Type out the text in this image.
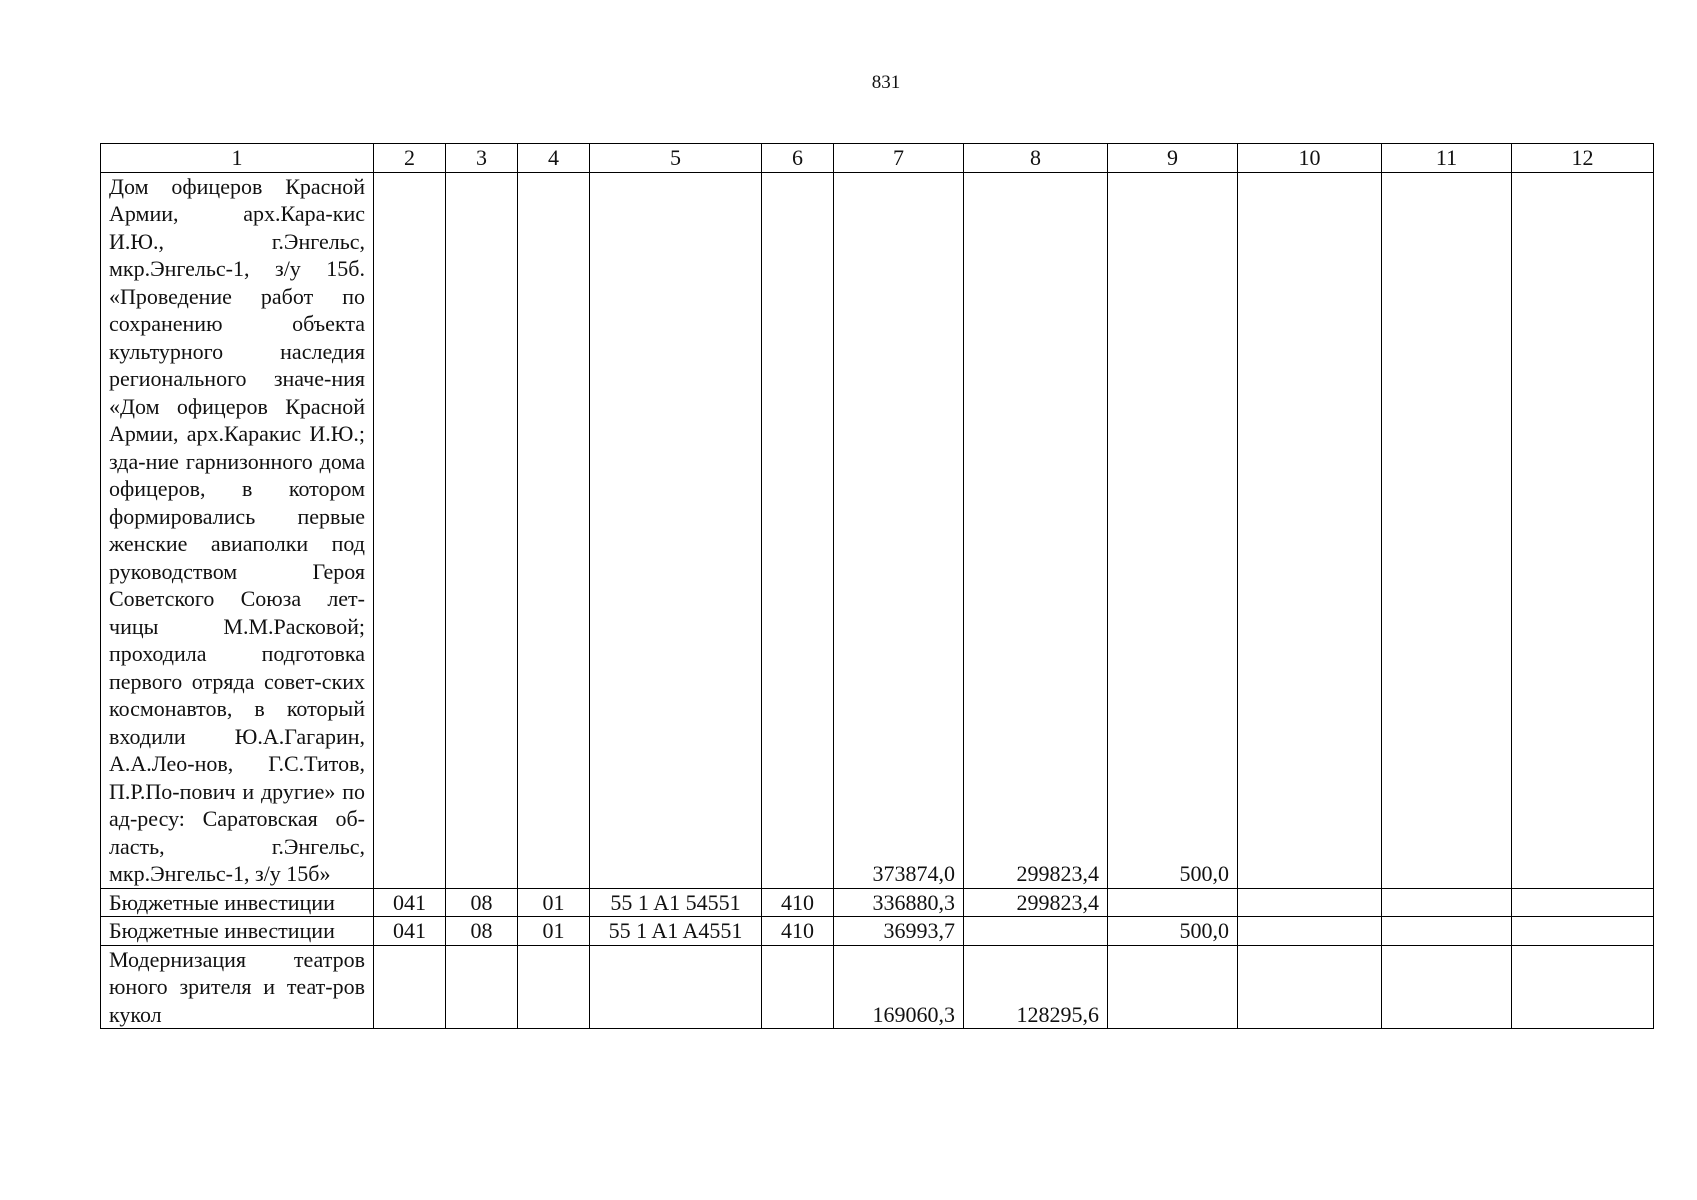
831
1	2	3	4	5	6	7	8	9	10	11	12
Дом офицеров Красной Армии, арх.Кара-кис И.Ю., г.Энгельс, мкр.Энгельс-1, з/у 15б. «Проведение работ по сохранению объекта культурного наследия регионального значе-ния «Дом офицеров Красной Армии, арх.Каракис И.Ю.; зда-ние гарнизонного дома офицеров, в котором формировались первые женские авиаполки под руководством Героя Советского Союза лет-чицы М.М.Расковой; проходила подготовка первого отряда совет-ских космонавтов, в который входили Ю.А.Гагарин, А.А.Лео-нов, Г.С.Титов, П.Р.По-пович и другие» по ад-ресу: Саратовская об-ласть, г.Энгельс, мкр.Энгельс-1, з/у 15б»						373874,0	299823,4	500,0			
Бюджетные инвестиции	041	08	01	55 1 A1 54551	410	336880,3	299823,4				
Бюджетные инвестиции	041	08	01	55 1 A1 A4551	410	36993,7		500,0			
Модернизация театров юного зрителя и теат-ров кукол						169060,3	128295,6				
